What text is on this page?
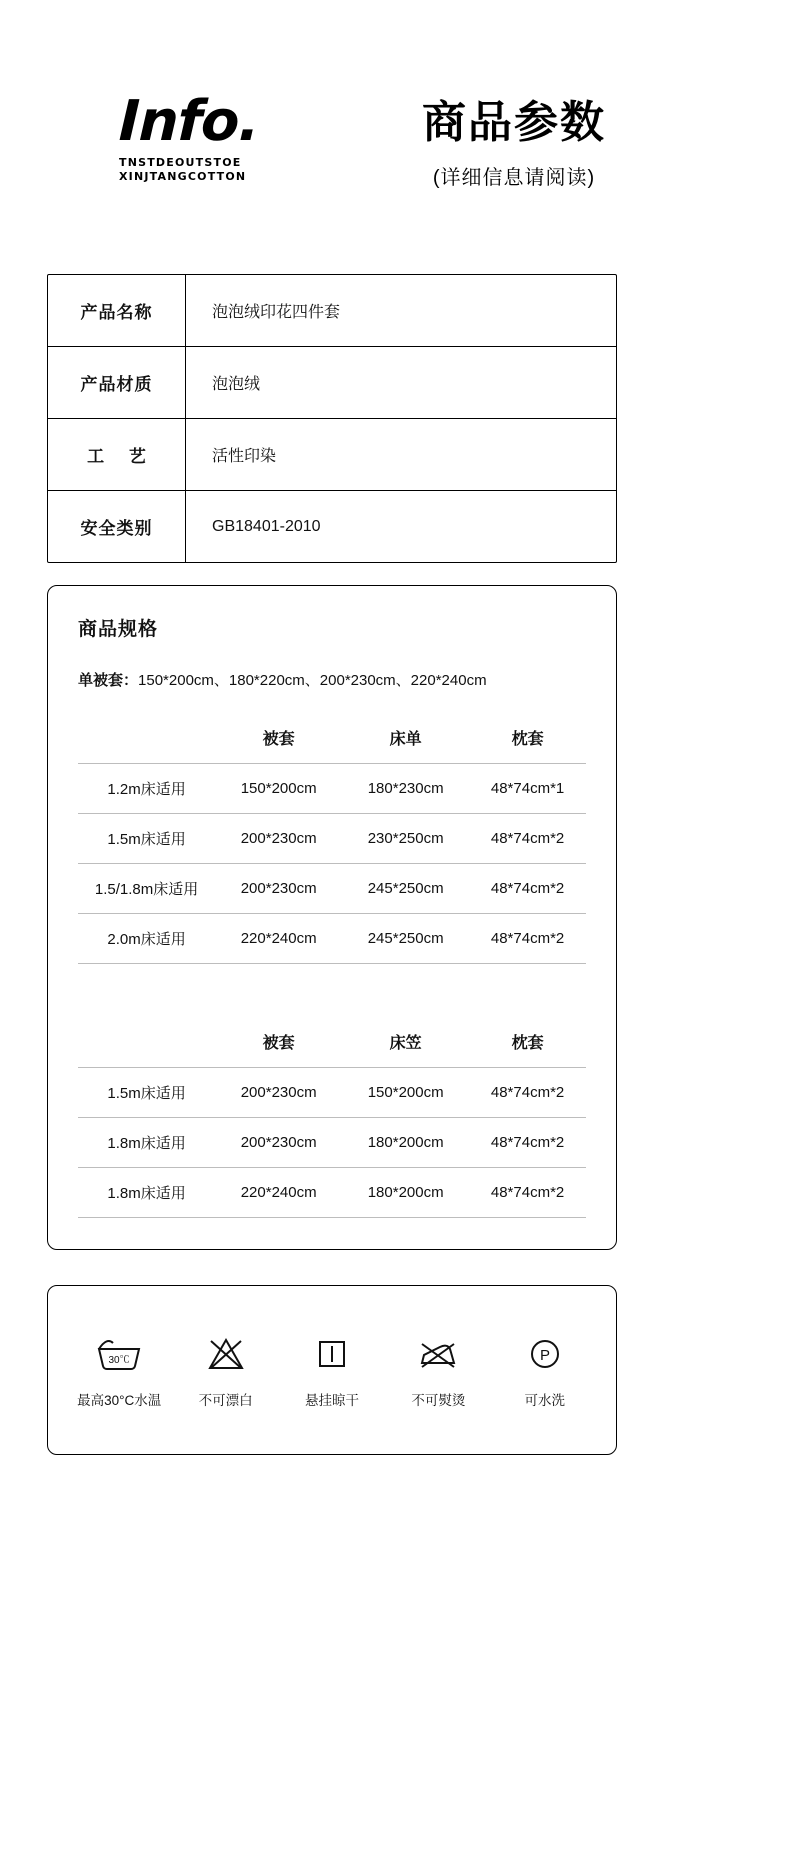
Info.
TNSTDEOUTSTOE
XINJTANGCOTTON
商品参数
(详细信息请阅读)
产品名称	泡泡绒印花四件套
产品材质	泡泡绒
工 艺	活性印染
安全类别	GB18401-2010
商品规格
单被套：150*200cm、180*220cm、200*230cm、220*240cm
	被套	床单	枕套
1.2m床适用	150*200cm	180*230cm	48*74cm*1
1.5m床适用	200*230cm	230*250cm	48*74cm*2
1.5/1.8m床适用	200*230cm	245*250cm	48*74cm*2
2.0m床适用	220*240cm	245*250cm	48*74cm*2
	被套	床笠	枕套
1.5m床适用	200*230cm	150*200cm	48*74cm*2
1.8m床适用	200*230cm	180*200cm	48*74cm*2
1.8m床适用	220*240cm	180*200cm	48*74cm*2
30℃
最高30°C水温	不可漂白	悬挂晾干	不可熨烫
P
可水洗
